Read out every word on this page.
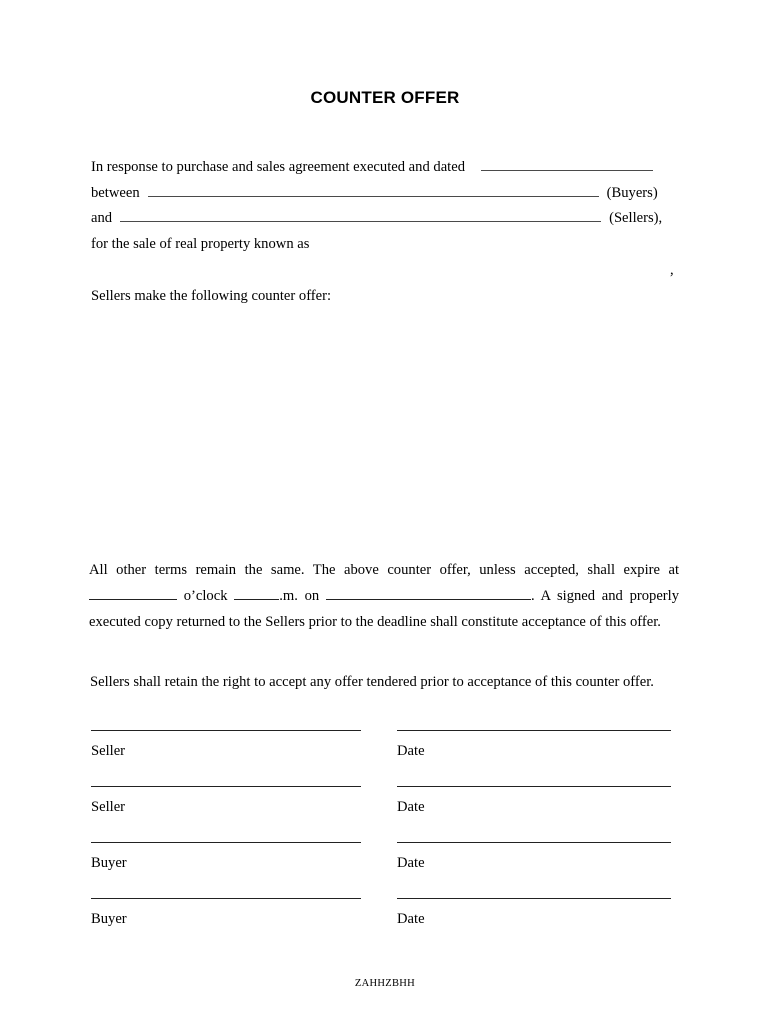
COUNTER OFFER
In response to purchase and sales agreement executed and dated
between	(Buyers)
and	(Sellers),
for the sale of real property known as
,
Sellers make the following counter offer:
All other terms remain the same. The above counter offer, unless accepted, shall expire at  o’clock	.m. on	. A signed and properly executed copy returned to the Sellers prior to the deadline shall constitute acceptance of this offer.
Sellers shall retain the right to accept any offer tendered prior to acceptance of this counter offer.
Seller	Date
Seller	Date
Buyer	Date
Buyer	Date
ZAHHZBHH
